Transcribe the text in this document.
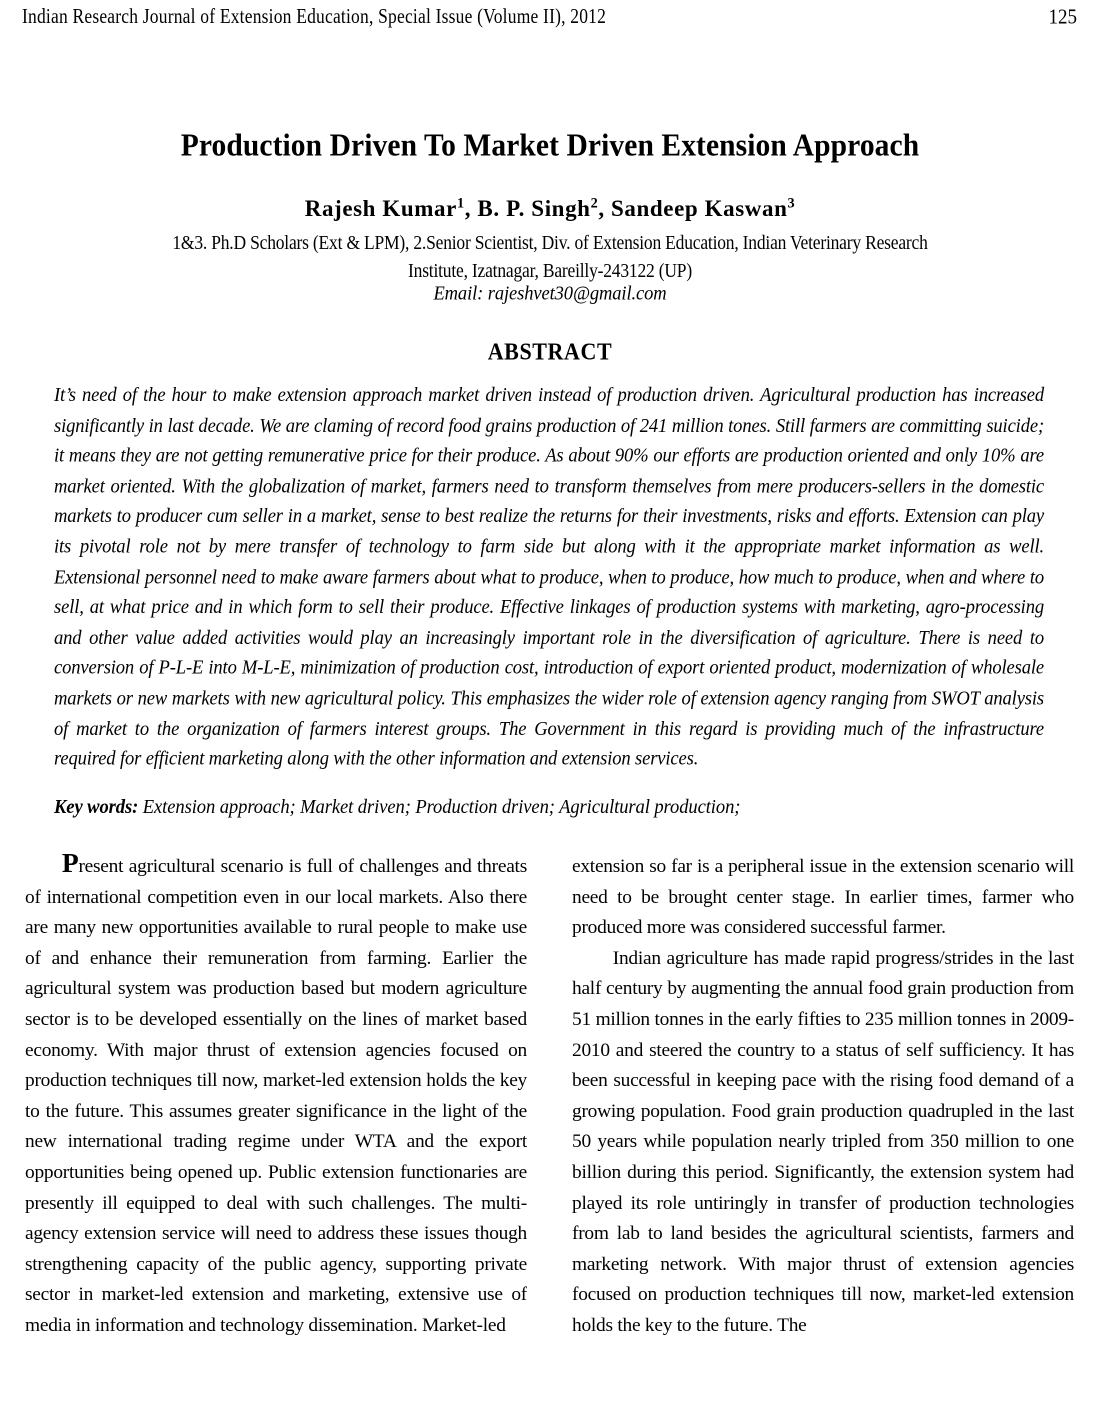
Indian Research Journal of Extension Education, Special Issue (Volume II), 2012	125
Production Driven To Market Driven Extension Approach
Rajesh Kumar$^1$, B. P. Singh$^2$, Sandeep Kaswan$^3$
1&3. Ph.D Scholars (Ext & LPM), 2.Senior Scientist, Div. of Extension Education, Indian Veterinary Research
Institute, Izatnagar, Bareilly-243122 (UP)
Email: rajeshvet30@gmail.com
ABSTRACT
It’s need of the hour to make extension approach market driven instead of production driven. Agricultural production has increased significantly in last decade. We are claming of record food grains production of 241 million tones. Still farmers are committing suicide; it means they are not getting remunerative price for their produce. As about 90% our efforts are production oriented and only 10% are market oriented. With the globalization of market, farmers need to transform themselves from mere producers-sellers in the domestic markets to producer cum seller in a market, sense to best realize the returns for their investments, risks and efforts. Extension can play its pivotal role not by mere transfer of technology to farm side but along with it the appropriate market information as well. Extensional personnel need to make aware farmers about what to produce, when to produce, how much to produce, when and where to sell, at what price and in which form to sell their produce. Effective linkages of production systems with marketing, agro-processing and other value added activities would play an increasingly important role in the diversification of agriculture. There is need to conversion of P-L-E into M-L-E, minimization of production cost, introduction of export oriented product, modernization of wholesale markets or new markets with new agricultural policy. This emphasizes the wider role of extension agency ranging from SWOT analysis of market to the organization of farmers interest groups. The Government in this regard is providing much of the infrastructure required for efficient marketing along with the other information and extension services.
Key words: Extension approach; Market driven; Production driven; Agricultural production;

Present agricultural scenario is full of challenges and threats of international competition even in our local markets. Also there are many new opportunities available to rural people to make use of and enhance their remuneration from farming. Earlier the agricultural system was production based but modern agriculture sector is to be developed essentially on the lines of market based economy. With major thrust of extension agencies focused on production techniques till now, market-led extension holds the key to the future. This assumes greater significance in the light of the new international trading regime under WTA and the export opportunities being opened up. Public extension functionaries are presently ill equipped to deal with such challenges. The multi-agency extension service will need to address these issues though strengthening capacity of the public agency, supporting private sector in market-led extension and marketing, extensive use of media in information and technology dissemination. Market-led

extension so far is a peripheral issue in the extension scenario will need to be brought center stage. In earlier times, farmer who produced more was considered successful farmer.

Indian agriculture has made rapid progress/strides in the last half century by augmenting the annual food grain production from 51 million tonnes in the early fifties to 235 million tonnes in 2009-2010 and steered the country to a status of self sufficiency. It has been successful in keeping pace with the rising food demand of a growing population. Food grain production quadrupled in the last 50 years while population nearly tripled from 350 million to one billion during this period. Significantly, the extension system had played its role untiringly in transfer of production technologies from lab to land besides the agricultural scientists, farmers and marketing network. With major thrust of extension agencies focused on production techniques till now, market-led extension holds the key to the future. The
